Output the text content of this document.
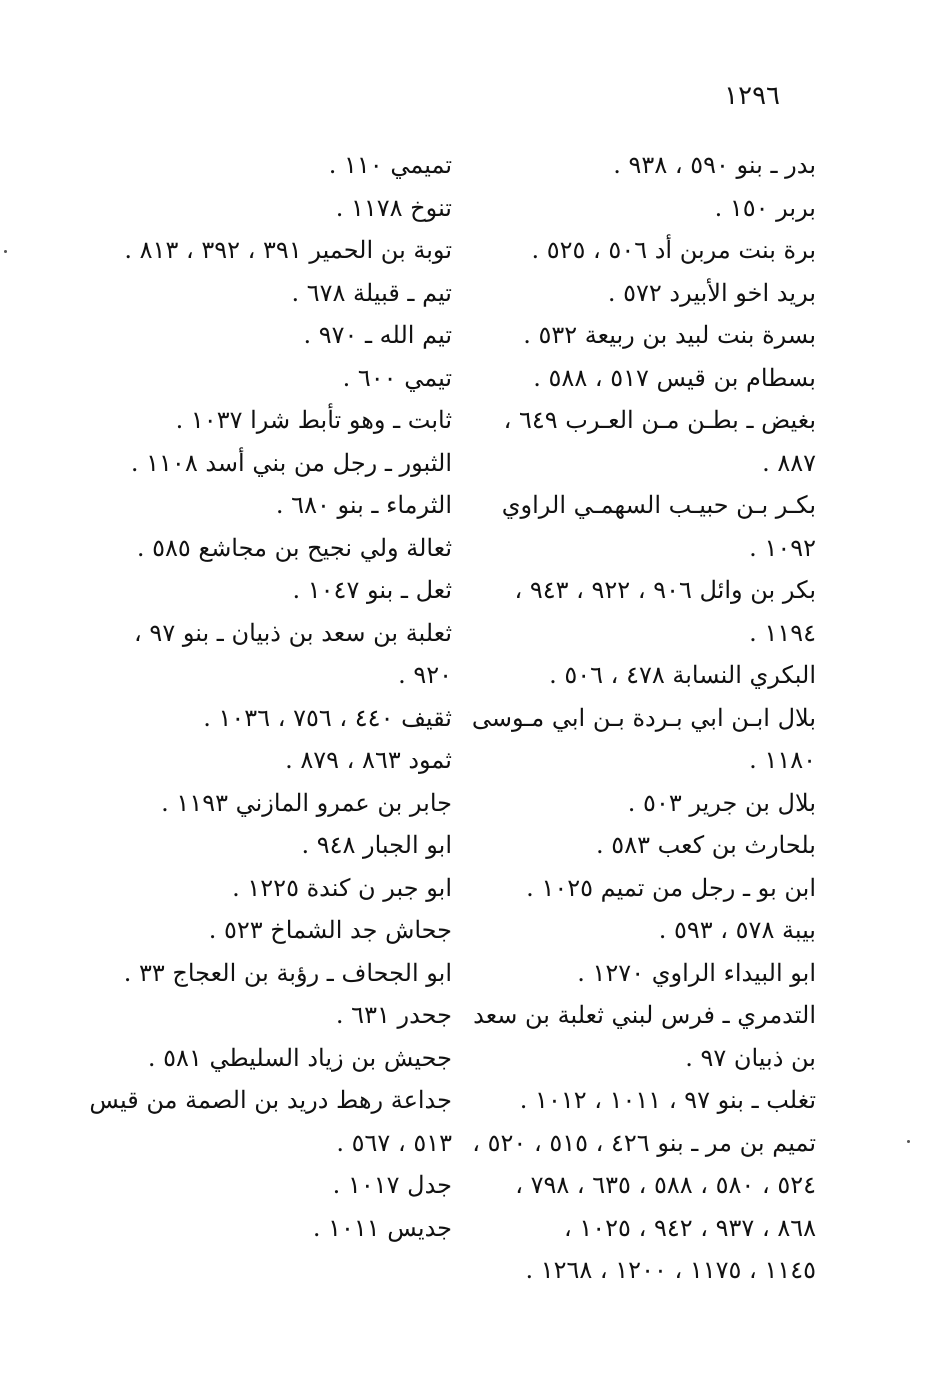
١٢٩٦
بدر ـ بنو ٥٩٠ ، ٩٣٨ .
بربر ١٥٠ .
برة بنت مربن أد ٥٠٦ ، ٥٢٥ .
بريد اخو الأبيرد ٥٧٢ .
بسرة بنت لبيد بن ربيعة ٥٣٢ .
بسطام بن قيس ٥١٧ ، ٥٨٨ .
بغيض ـ بطـن مـن العـرب ٦٤٩ ،
٨٨٧ .
بكـر بـن حبيـب السهمـي الراوي
١٠٩٢ .
بكر بن وائل ٩٠٦ ، ٩٢٢ ، ٩٤٣ ،
١١٩٤ .
البكري النسابة ٤٧٨ ، ٥٠٦ .
بلال ابـن ابي بـردة بـن ابي مـوسى
١١٨٠ .
بلال بن جرير ٥٠٣ .
بلحارث بن كعب ٥٨٣ .
ابن بو ـ رجل من تميم ١٠٢٥ .
بيبة ٥٧٨ ، ٥٩٣ .
ابو البيداء الراوي ١٢٧٠ .
التدمري ـ فرس لبني ثعلبة بن سعد
بن ذبيان ٩٧ .
تغلب ـ بنو ٩٧ ، ١٠١١ ، ١٠١٢ .
تميم بن مر ـ بنو ٤٢٦ ، ٥١٥ ، ٥٢٠ ،
٥٢٤ ، ٥٨٠ ، ٥٨٨ ، ٦٣٥ ، ٧٩٨ ،
٨٦٨ ، ٩٣٧ ، ٩٤٢ ، ١٠٢٥ ،
١١٤٥ ، ١١٧٥ ، ١٢٠٠ ، ١٢٦٨ .
تميمي ١١٠ .
تنوخ ١١٧٨ .
توبة بن الحمير ٣٩١ ، ٣٩٢ ، ٨١٣ .
تيم ـ قبيلة ٦٧٨ .
تيم الله ـ ٩٧٠ .
تيمي ٦٠٠ .
ثابت ـ وهو تأبط شرا ١٠٣٧ .
الثبور ـ رجل من بني أسد ١١٠٨ .
الثرماء ـ بنو ٦٨٠ .
ثعالة ولي نجيح بن مجاشع ٥٨٥ .
ثعل ـ بنو ١٠٤٧ .
ثعلبة بن سعد بن ذبيان ـ بنو ٩٧ ،
٩٢٠ .
ثقيف ٤٤٠ ، ٧٥٦ ، ١٠٣٦ .
ثمود ٨٦٣ ، ٨٧٩ .
جابر بن عمرو المازني ١١٩٣ .
ابو الجبار ٩٤٨ .
ابو جبر ن كندة ١٢٢٥ .
جحاش جد الشماخ ٥٢٣ .
ابو الجحاف ـ رؤبة بن العجاج ٣٣ .
جحدر ٦٣١ .
جحيش بن زياد السليطي ٥٨١ .
جداعة رهط دريد بن الصمة من قيس
٥١٣ ، ٥٦٧ .
جدل ١٠١٧ .
جديس ١٠١١ .
